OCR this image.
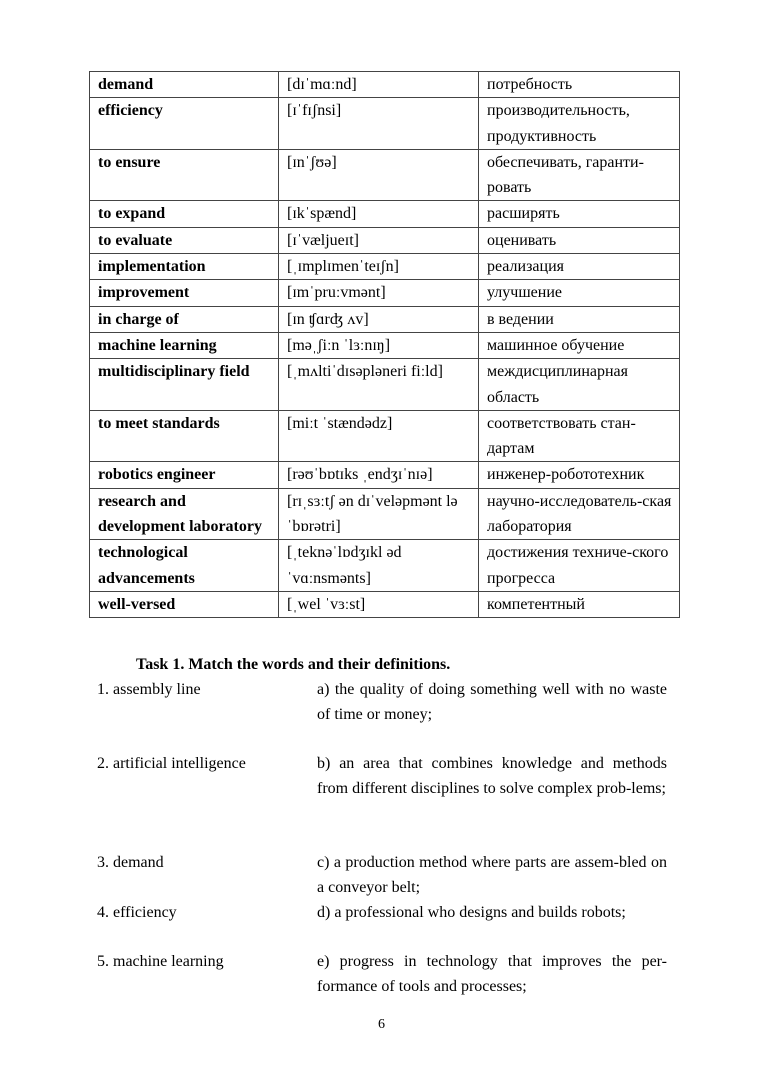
demand	[dɪˈmɑːnd]	потребность
efficiency	[ɪˈfɪʃnsi]	производительность, продуктивность
to ensure	[ɪnˈʃʊə]	обеспечивать, гаранти-ровать
to expand	[ɪkˈspænd]	расширять
to evaluate	[ɪˈvæljueɪt]	оценивать
implementation	[ˌɪmplɪmenˈteɪʃn]	реализация
improvement	[ɪmˈpruːvmənt]	улучшение
in charge of	[ɪn ʧɑrʤ ʌv]	в ведении
machine learning	[məˌʃiːn ˈlɜːnɪŋ]	машинное обучение
multidisciplinary field	[ˌmʌltiˈdɪsəpləneri fiːld]	междисциплинарная область
to meet standards	[miːt ˈstændədz]	соответствовать стан-дартам
robotics engineer	[rəʊˈbɒtɪks ˌendʒɪˈnɪə]	инженер-робототехник
research and development laboratory	[rɪˌsɜːtʃ ən dɪˈveləpmənt ləˈbɒrətri]	научно-исследователь-ская лаборатория
technological advancements	[ˌteknəˈlɒdʒɪkl ədˈvɑːnsmənts]	достижения техниче-ского прогресса
well-versed	[ˌwel ˈvɜːst]	компетентный
Task 1. Match the words and their definitions.
1. assembly line	a) the quality of doing something well with no waste of time or money;
2. artificial intelligence	b) an area that combines knowledge and methods from different disciplines to solve complex prob-lems;
3. demand	c) a production method where parts are assem-bled on a conveyor belt;
4. efficiency	d) a professional who designs and builds robots;
5. machine learning	e) progress in technology that improves the per-formance of tools and processes;
6
